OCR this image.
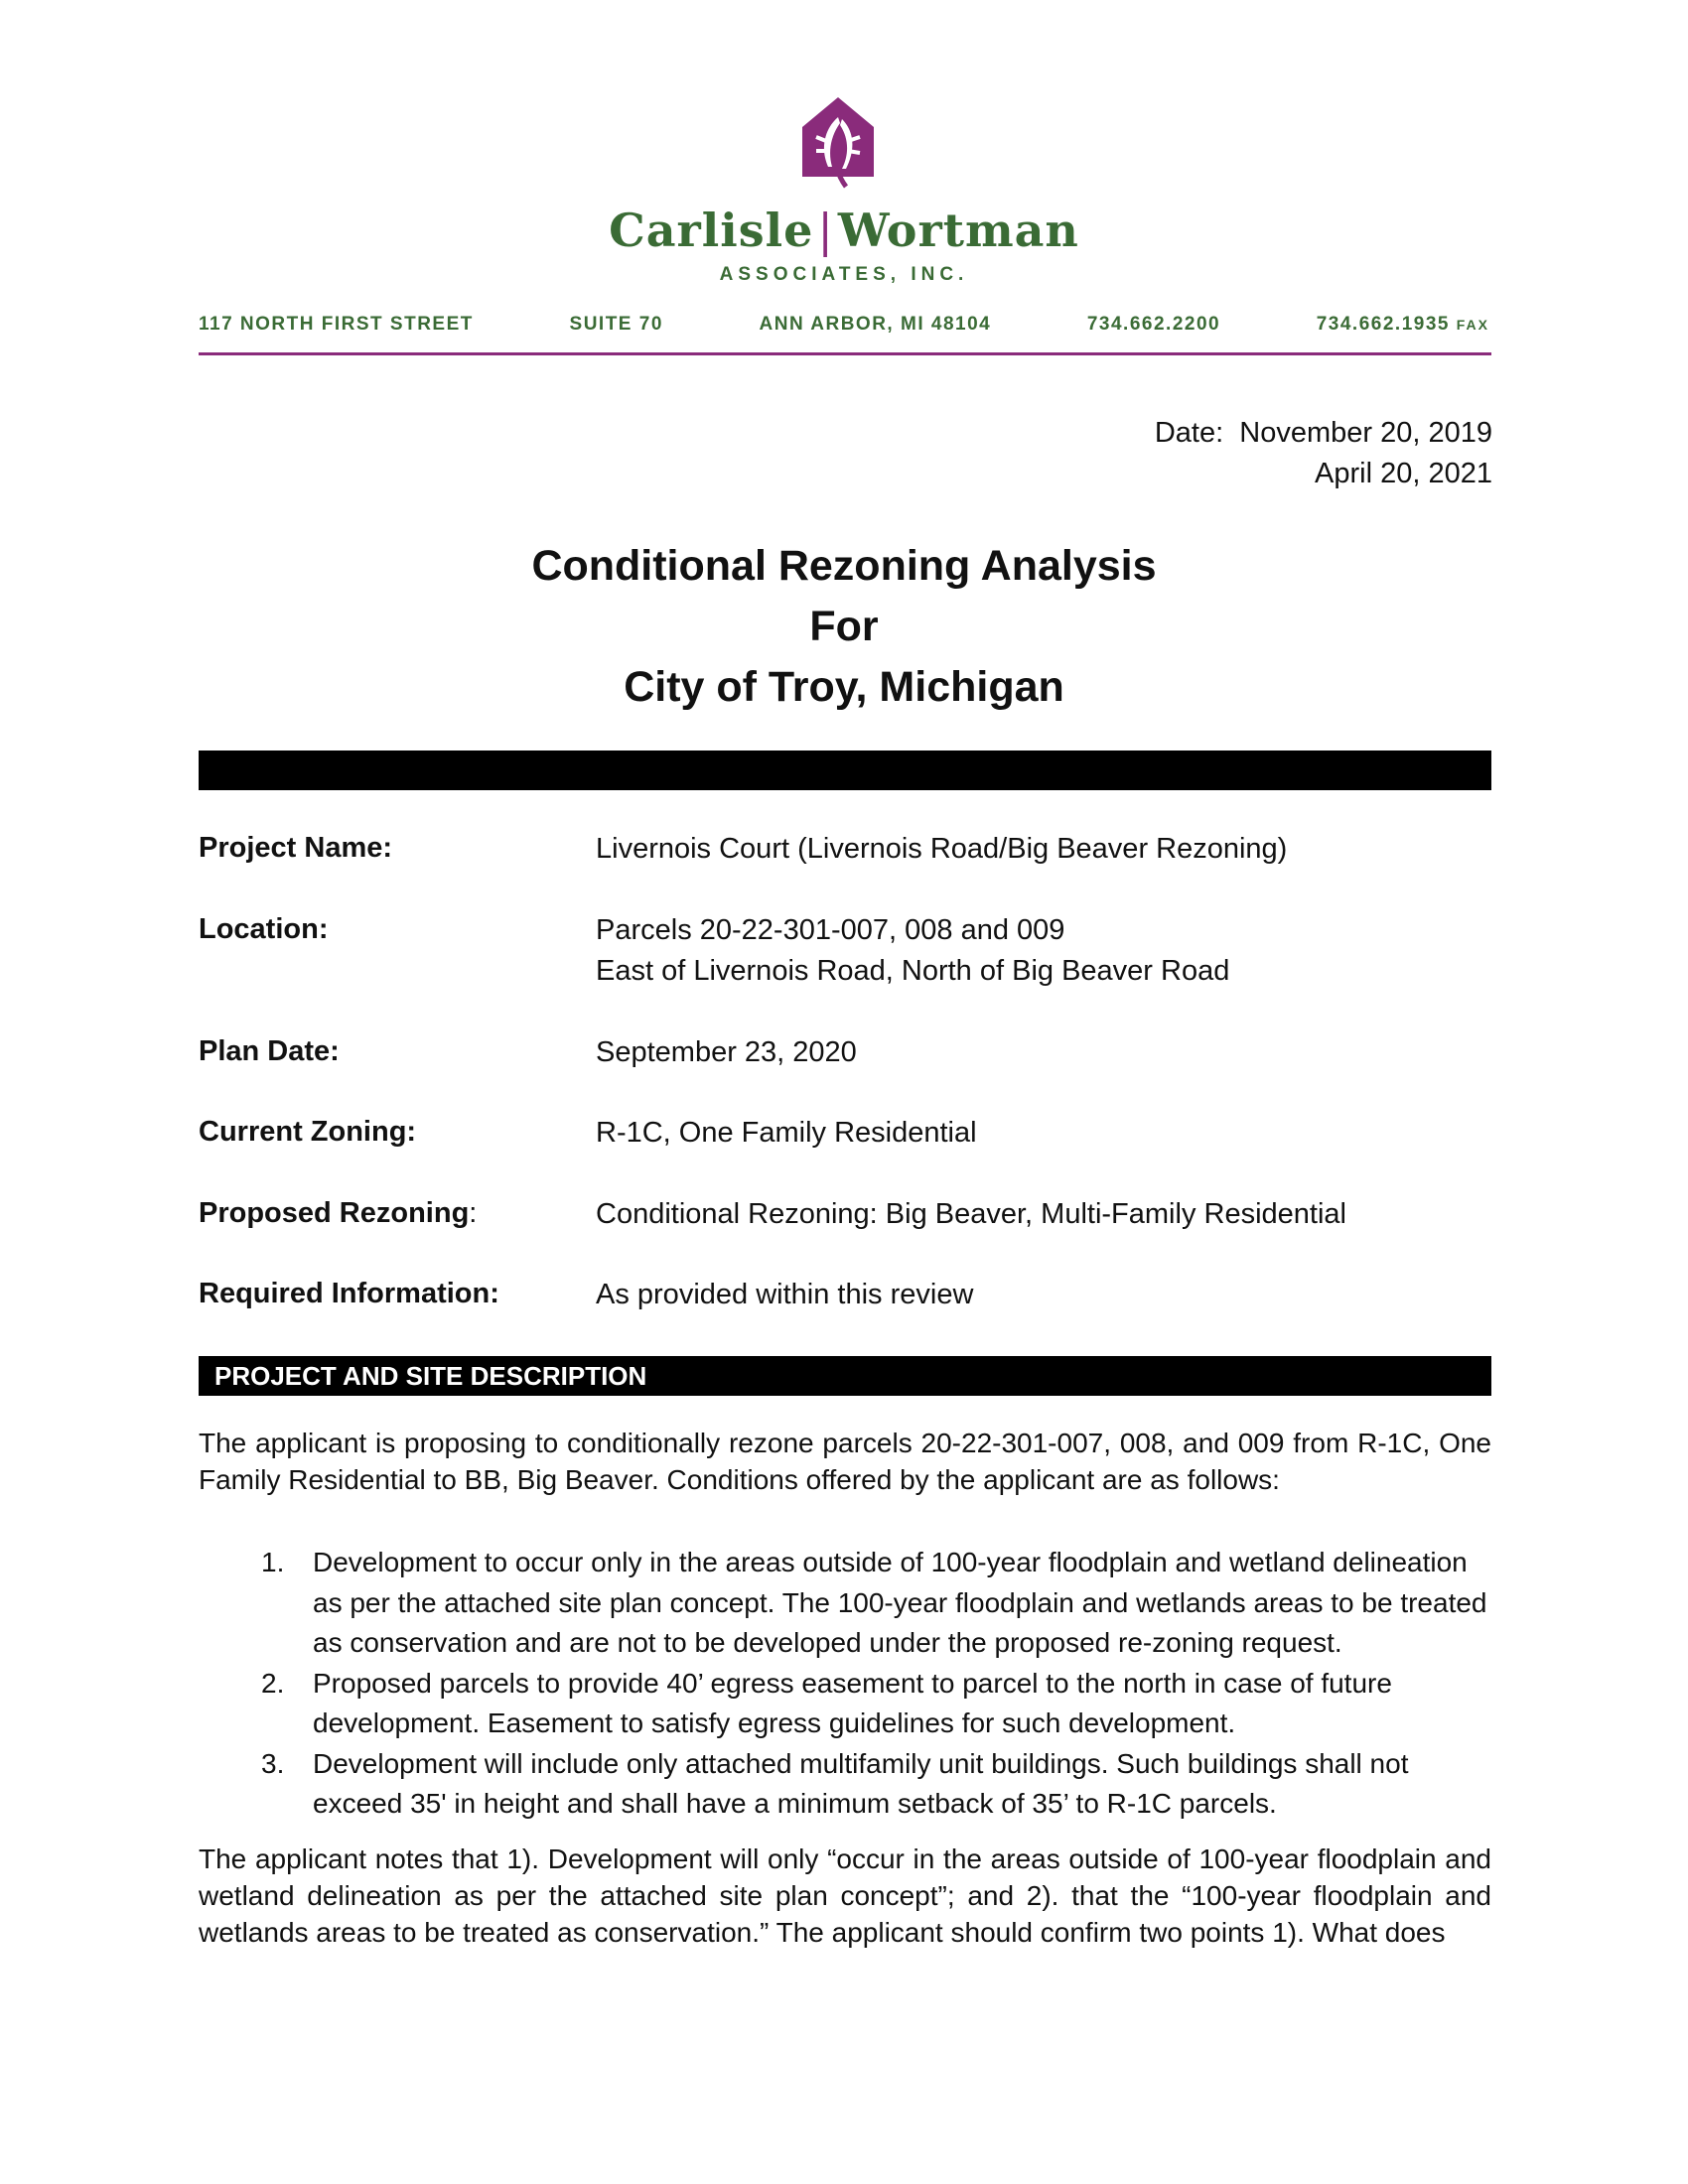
Carlisle|Wortman
ASSOCIATES, INC.
117 NORTH FIRST STREET	SUITE 70	ANN ARBOR, MI 48104	734.662.2200	734.662.1935 FAX
Date: November 20, 2019
April 20, 2021
Conditional Rezoning Analysis
For
City of Troy, Michigan
Project Name:	Livernois Court (Livernois Road/Big Beaver Rezoning)
Location:	Parcels 20-22-301-007, 008 and 009
East of Livernois Road, North of Big Beaver Road
Plan Date:	September 23, 2020
Current Zoning:	R-1C, One Family Residential
Proposed Rezoning:	Conditional Rezoning: Big Beaver, Multi-Family Residential
Required Information:	As provided within this review
PROJECT AND SITE DESCRIPTION
The applicant is proposing to conditionally rezone parcels 20-22-301-007, 008, and 009 from R-1C, One Family Residential to BB, Big Beaver. Conditions offered by the applicant are as follows:
1. Development to occur only in the areas outside of 100-year floodplain and wetland delineation as per the attached site plan concept. The 100-year floodplain and wetlands areas to be treated as conservation and are not to be developed under the proposed re-zoning request.
2. Proposed parcels to provide 40’ egress easement to parcel to the north in case of future development. Easement to satisfy egress guidelines for such development.
3. Development will include only attached multifamily unit buildings. Such buildings shall not exceed 35' in height and shall have a minimum setback of 35’ to R-1C parcels.
The applicant notes that 1). Development will only “occur in the areas outside of 100-year floodplain and wetland delineation as per the attached site plan concept”; and 2). that the “100-year floodplain and wetlands areas to be treated as conservation.” The applicant should confirm two points 1). What does
